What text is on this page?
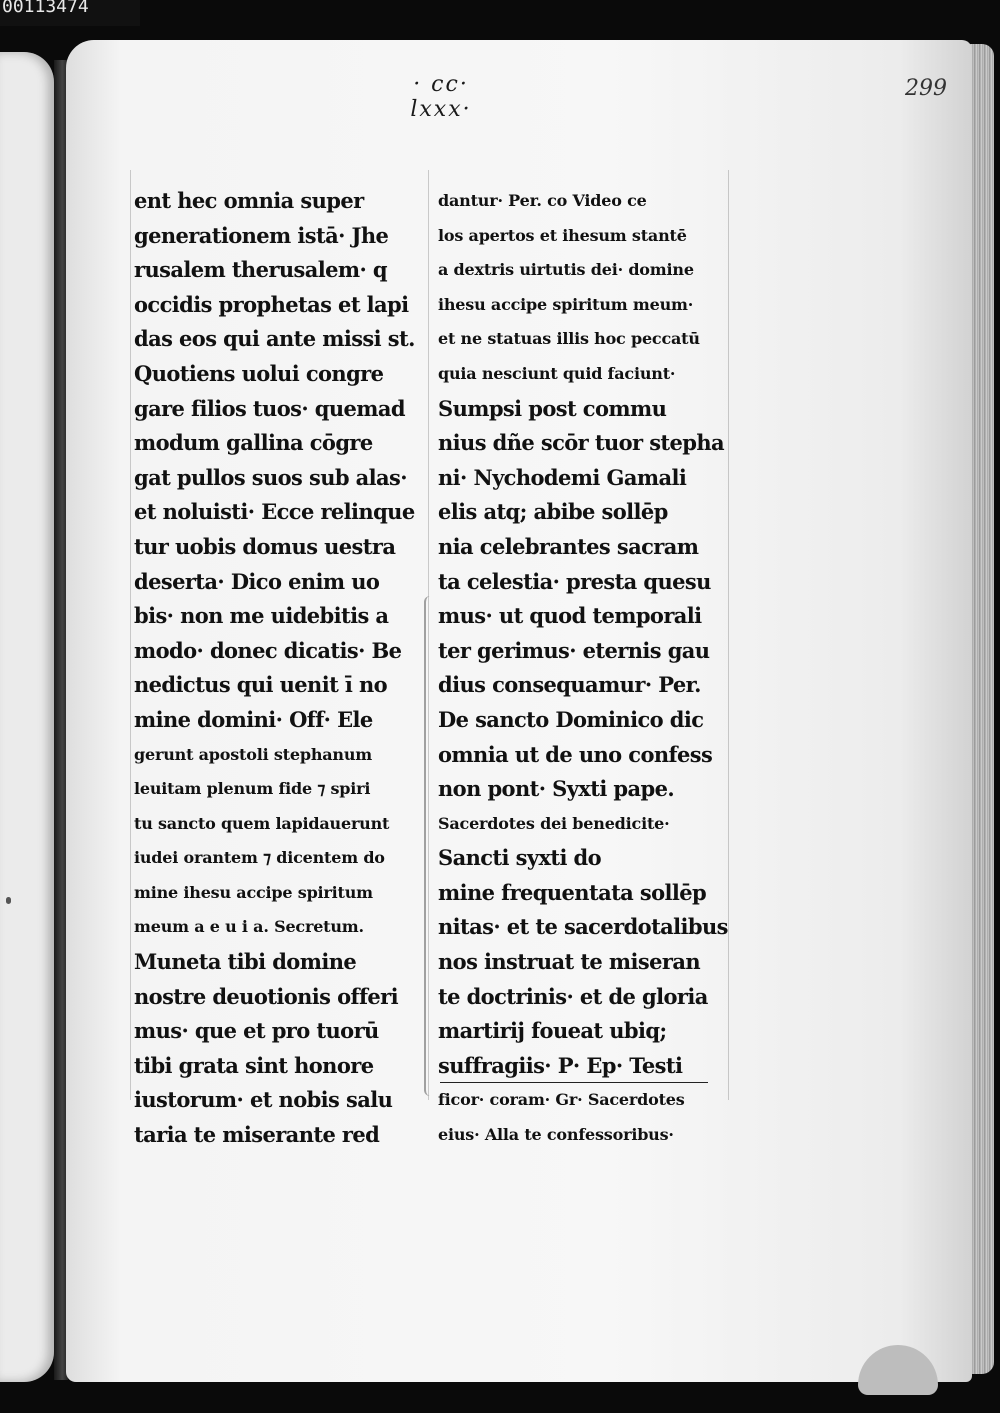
00113474
· cc· lxxx·
299
ent hec omnia super
generationem istā· Jhe
rusalem therusalem· q
occidis prophetas et lapi
das eos qui ante missi st.
Quotiens uolui congre
gare filios tuos· quemad
modum gallina cōgre
gat pullos suos sub alas·
et noluisti· Ecce relinque
tur uobis domus uestra
deserta· Dico enim uo
bis· non me uidebitis a
modo· donec dicatis· Be
nedictus qui uenit ī no
mine domini· Off· Ele
gerunt apostoli stephanum
leuitam plenum fide ⁊ spiri
tu sancto quem lapidauerunt
iudei orantem ⁊ dicentem do
mine ihesu accipe spiritum
meum a e u i a. Secretum.
Muneta tibi domine
nostre deuotionis offeri
mus· que et pro tuorū
tibi grata sint honore
iustorum· et nobis salu
taria te miserante red
dantur· Per. co Video ce
los apertos et ihesum stantē
a dextris uirtutis dei· domine
ihesu accipe spiritum meum·
et ne statuas illis hoc peccatū
quia nesciunt quid faciunt·
Sumpsi post commu
nius dñe scōr tuor stepha
ni· Nychodemi Gamali
elis atq; abibe sollēp
nia celebrantes sacram
ta celestia· presta quesu
mus· ut quod temporali
ter gerimus· eternis gau
dius consequamur· Per.
De sancto Dominico dic
omnia ut de uno confess
non pont· Syxti pape.
Sacerdotes dei benedicite·
Sancti syxti do
mine frequentata sollēp
nitas· et te sacerdotalibus
nos instruat te miseran
te doctrinis· et de gloria
martirij foueat ubiq;
suffragiis· P· Ep· Testi
ficor· coram· Gr· Sacerdotes
eius· Alla te confessoribus·
